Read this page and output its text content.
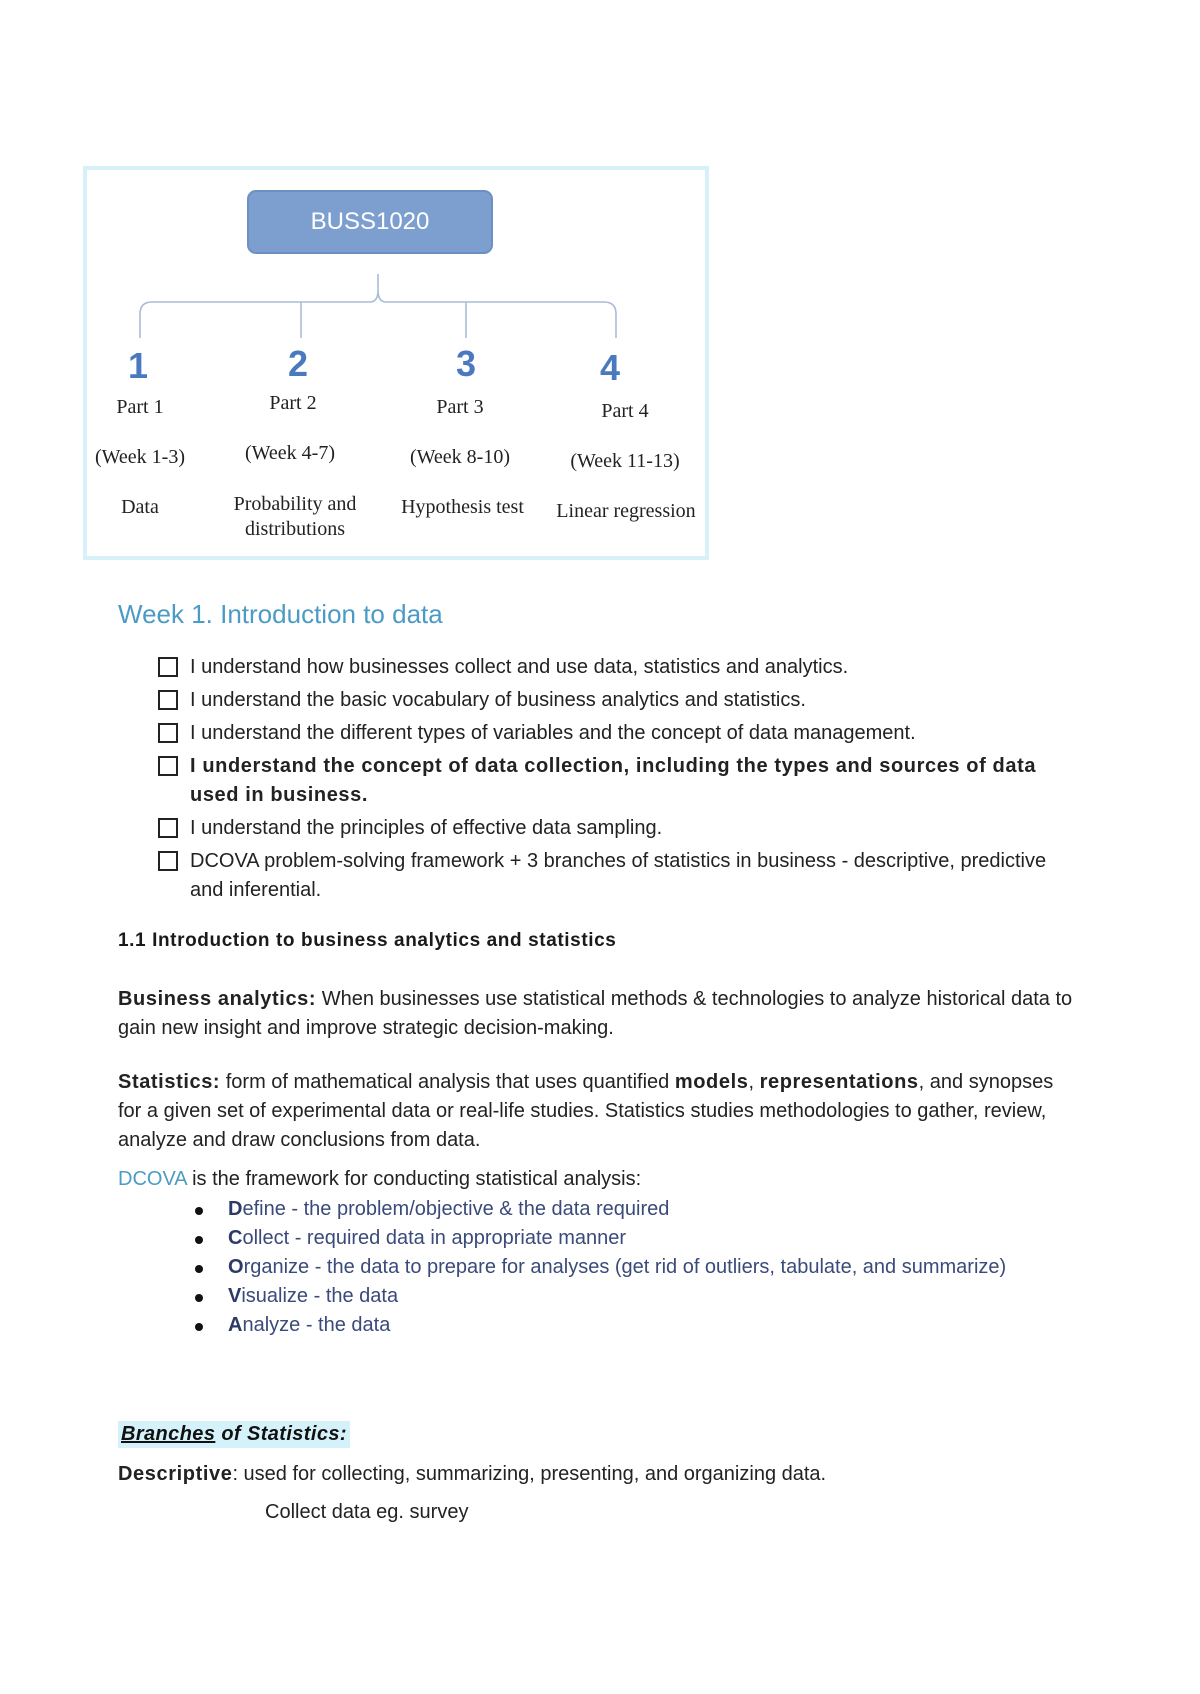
BUSS1020
1
Part 1
(Week 1-3)
Data
2
Part 2
(Week 4-7)
Probability and distributions
3
Part 3
(Week 8-10)
Hypothesis test
4
Part 4
(Week 11-13)
Linear regression
Week 1. Introduction to data
I understand how businesses collect and use data, statistics and analytics.
I understand the basic vocabulary of business analytics and statistics.
I understand the different types of variables and the concept of data management.
I understand the concept of data collection, including the types and sources of data used in business.
I understand the principles of effective data sampling.
DCOVA problem-solving framework + 3 branches of statistics in business - descriptive, predictive and inferential.
1.1 Introduction to business analytics and statistics
Business analytics: When businesses use statistical methods & technologies to analyze historical data to gain new insight and improve strategic decision-making.
Statistics: form of mathematical analysis that uses quantified models, representations, and synopses for a given set of experimental data or real-life studies. Statistics studies methodologies to gather, review, analyze and draw conclusions from data.
DCOVA is the framework for conducting statistical analysis:
Define - the problem/objective & the data required
Collect - required data in appropriate manner
Organize - the data to prepare for analyses (get rid of outliers, tabulate, and summarize)
Visualize - the data
Analyze - the data
Branches of Statistics:
Descriptive: used for collecting, summarizing, presenting, and organizing data.
Collect data eg. survey
